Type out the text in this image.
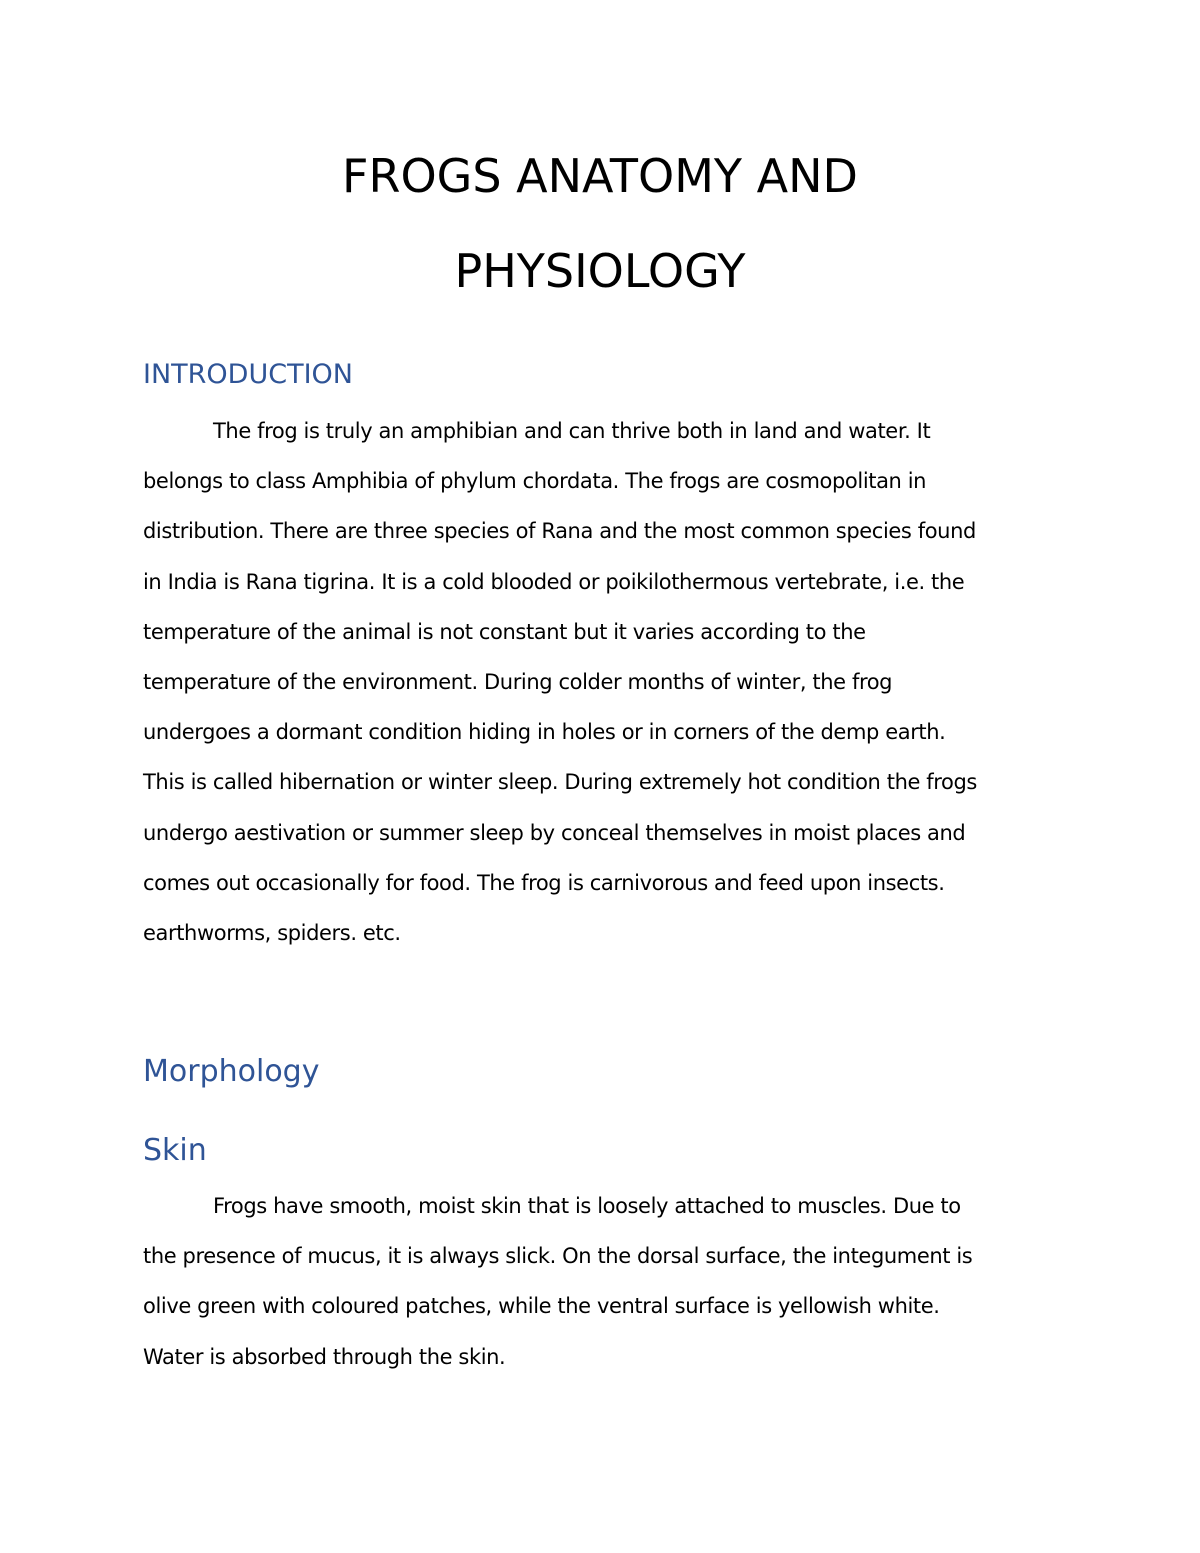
FROGS ANATOMY AND
PHYSIOLOGY
INTRODUCTION
The frog is truly an amphibian and can thrive both in land and water. It
belongs to class Amphibia of phylum chordata. The frogs are cosmopolitan in
distribution. There are three species of Rana and the most common species found
in India is Rana tigrina. It is a cold blooded or poikilothermous vertebrate, i.e. the
temperature of the animal is not constant but it varies according to the
temperature of the environment. During colder months of winter, the frog
undergoes a dormant condition hiding in holes or in corners of the demp earth.
This is called hibernation or winter sleep. During extremely hot condition the frogs
undergo aestivation or summer sleep by conceal themselves in moist places and
comes out occasionally for food. The frog is carnivorous and feed upon insects.
earthworms, spiders. etc.
Morphology
Skin
Frogs have smooth, moist skin that is loosely attached to muscles. Due to
the presence of mucus, it is always slick. On the dorsal surface, the integument is
olive green with coloured patches, while the ventral surface is yellowish white.
Water is absorbed through the skin.
